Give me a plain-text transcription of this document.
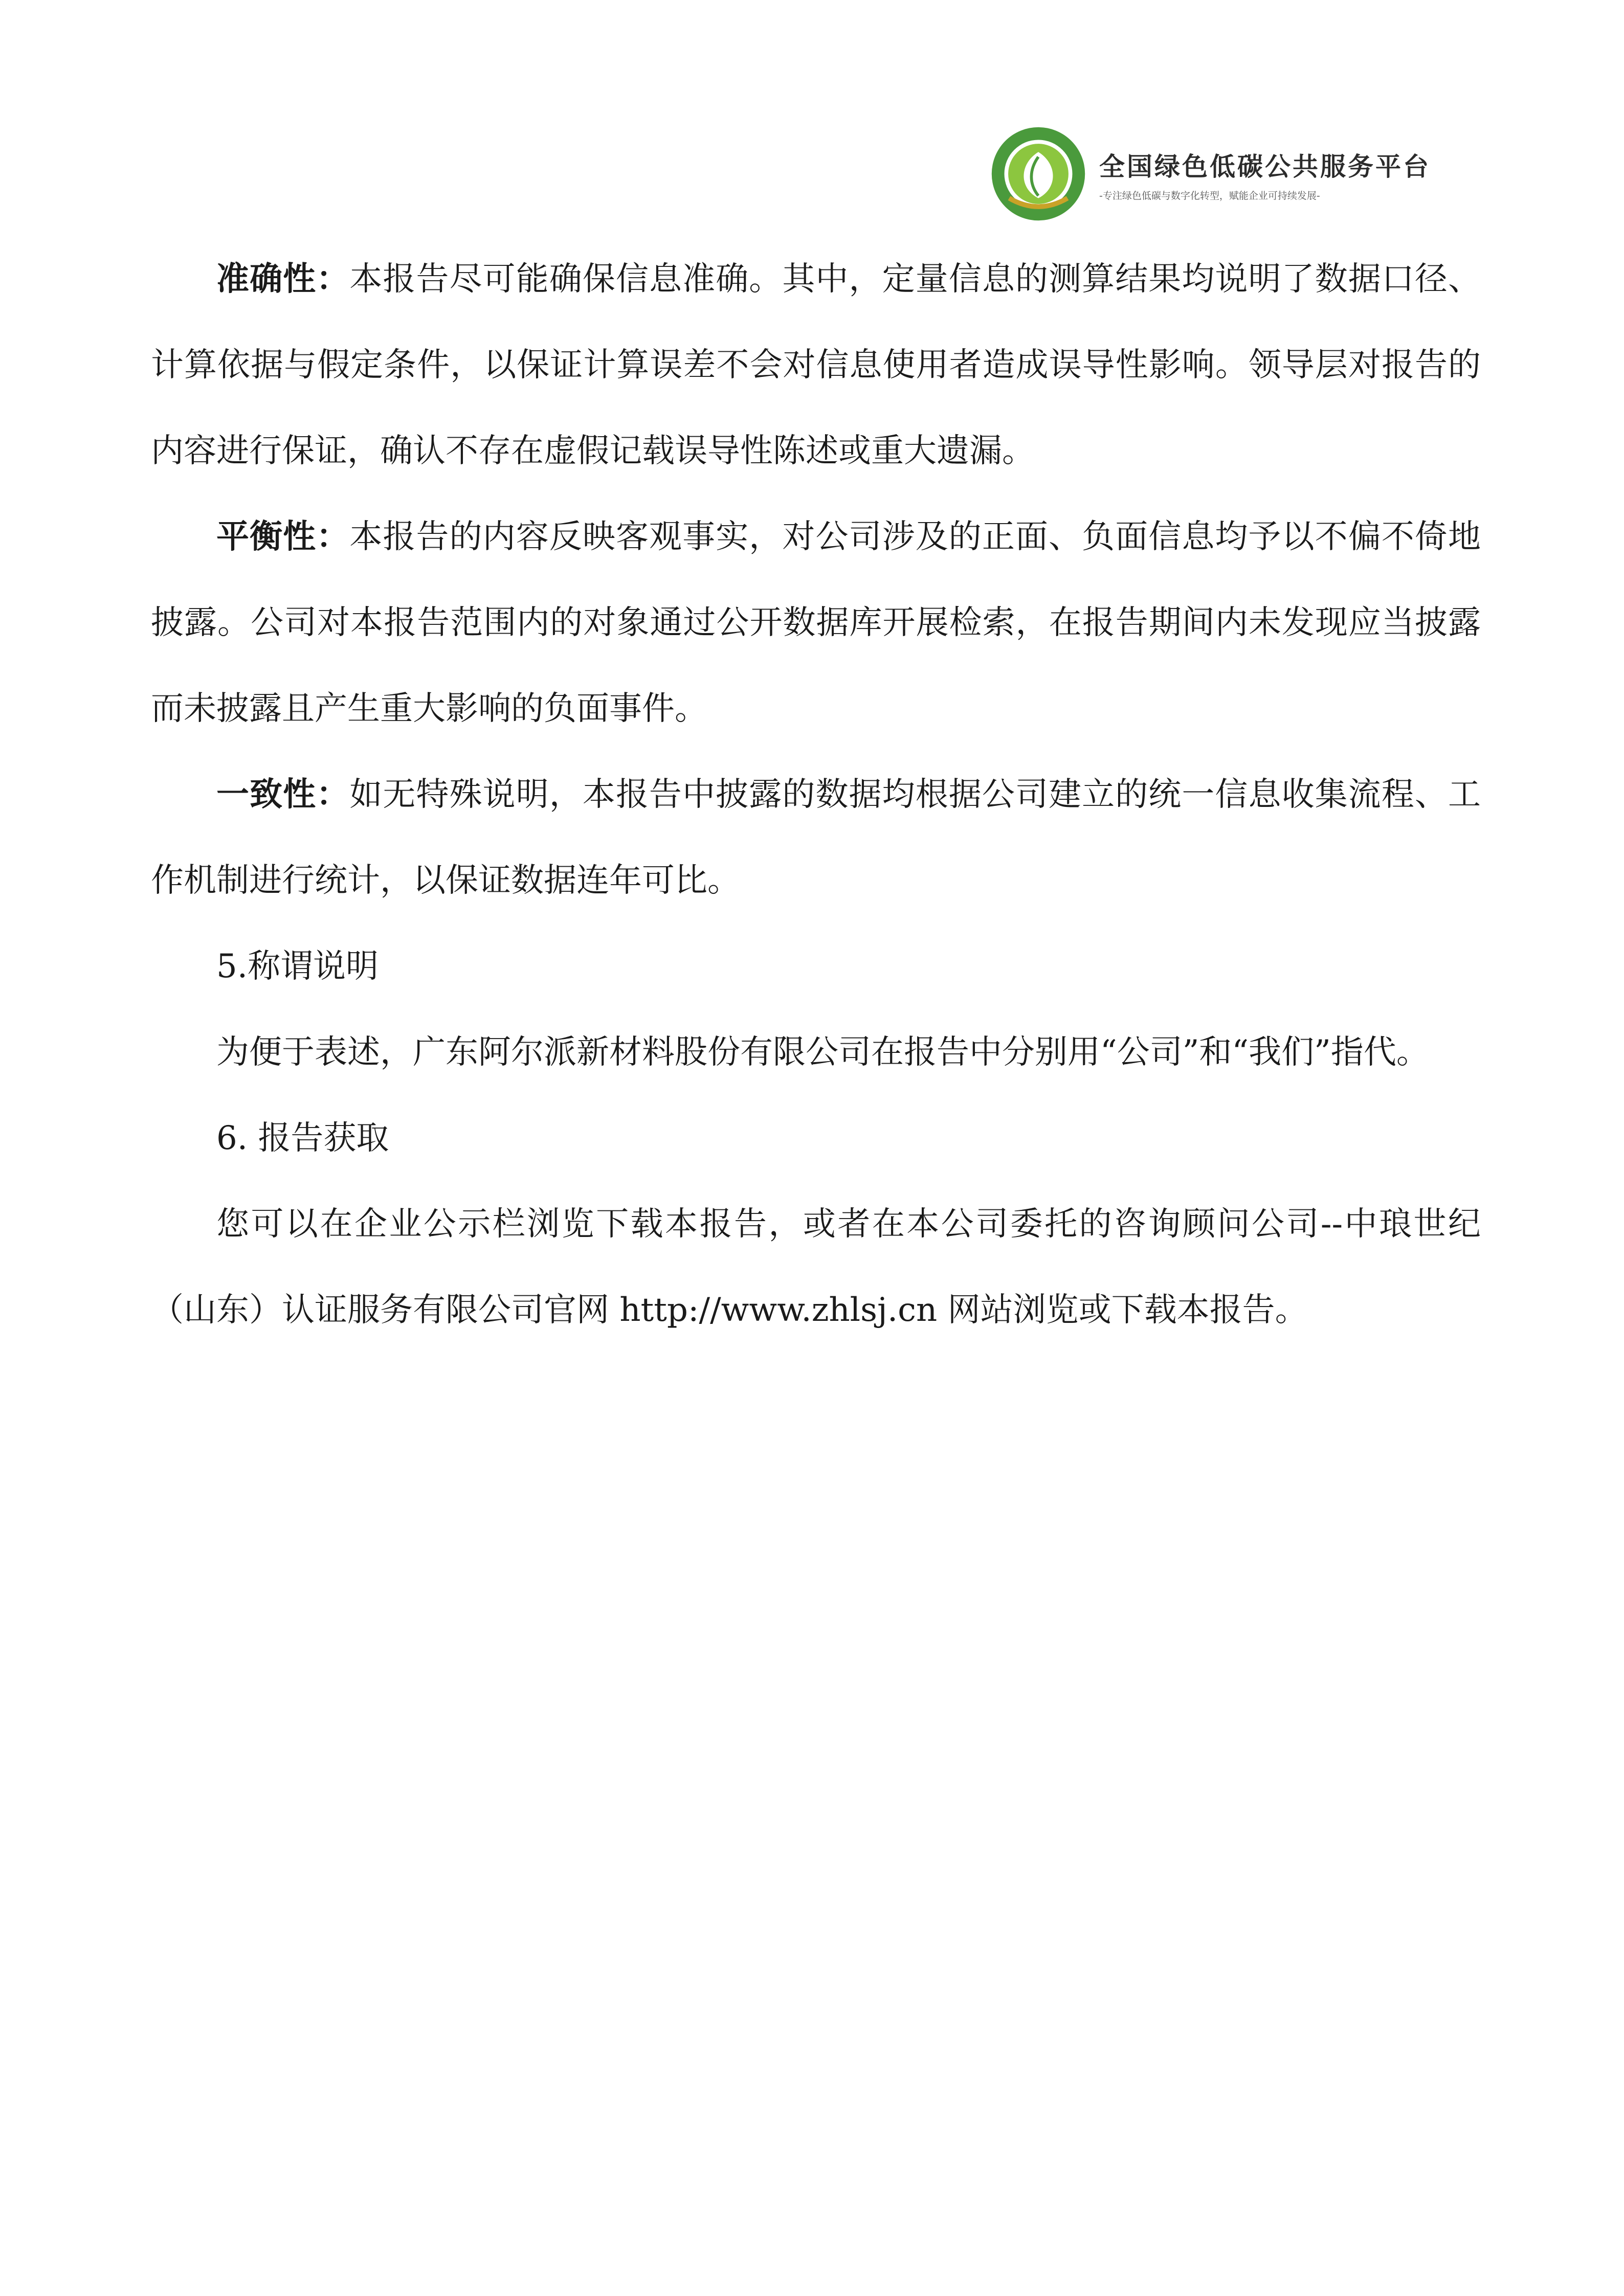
全国绿色低碳公共服务平台
-专注绿色低碳与数字化转型，赋能企业可持续发展-

准确性：本报告尽可能确保信息准确。其中，定量信息的测算结果均说明了数据口径、计算依据与假定条件，以保证计算误差不会对信息使用者造成误导性影响。领导层对报告的内容进行保证，确认不存在虚假记载误导性陈述或重大遗漏。

平衡性：本报告的内容反映客观事实，对公司涉及的正面、负面信息均予以不偏不倚地披露。公司对本报告范围内的对象通过公开数据库开展检索，在报告期间内未发现应当披露而未披露且产生重大影响的负面事件。

一致性：如无特殊说明，本报告中披露的数据均根据公司建立的统一信息收集流程、工作机制进行统计，以保证数据连年可比。

5.称谓说明

为便于表述，广东阿尔派新材料股份有限公司在报告中分别用“公司”和“我们”指代。

6. 报告获取

您可以在企业公示栏浏览下载本报告，或者在本公司委托的咨询顾问公司--中琅世纪（山东）认证服务有限公司官网 http://www.zhlsj.cn 网站浏览或下载本报告。
